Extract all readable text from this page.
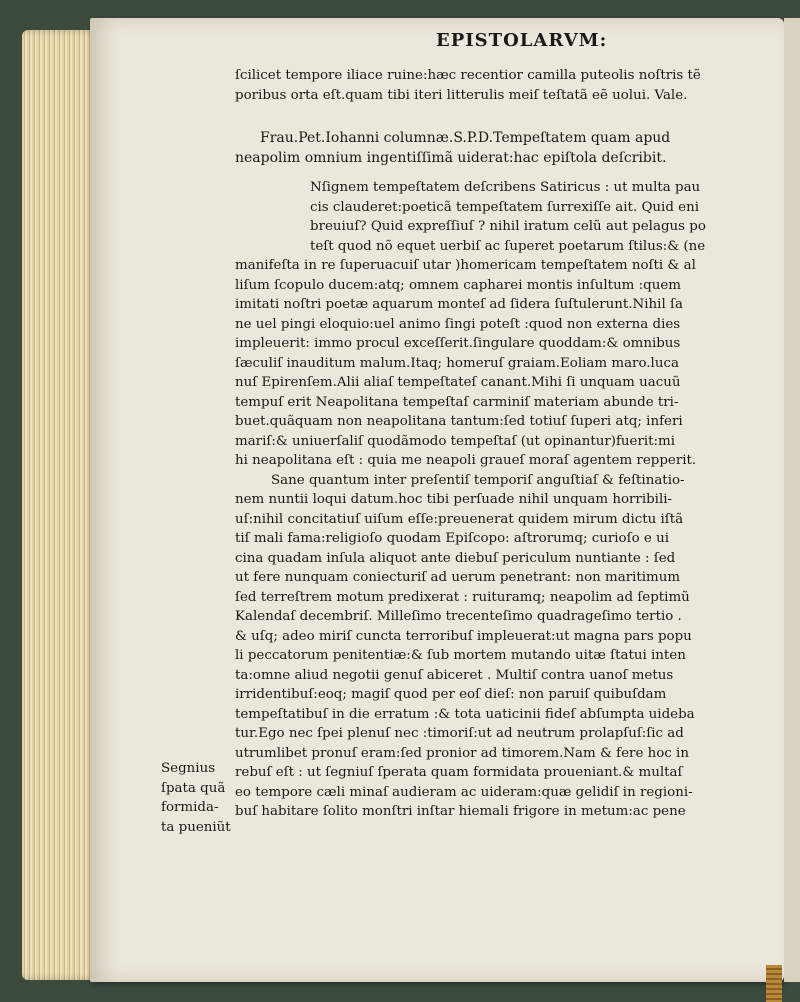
EPISTOLARVM:
ſcilicet tempore iliace ruine:hæc recentior camilla puteolis noſtris tẽ
poribus orta eſt.quam tibi iteri litterulis meiſ teſtatã eẽ uolui. Vale.
Frau.Pet.Iohanni columnæ.S.P.D.Tempeſtatem quam apud
neapolim omnium ingentiſſimã uiderat:hac epiſtola deſcribit.
Nſignem tempeſtatem deſcribens Satiricus : ut multa pau
cis clauderet:poeticã tempeſtatem ſurrexiſſe ait. Quid eni
breuiuſ? Quid expreſſiuſ ? nihil iratum celũ aut pelagus po
teſt quod nõ equet uerbiſ ac ſuperet poetarum ſtilus:& (ne
manifeſta in re ſuperuacuiſ utar )homericam tempeſtatem noſti & al
liſum ſcopulo ducem:atq; omnem capharei montis inſultum :quem
imitati noſtri poetæ aquarum monteſ ad ſidera ſuſtulerunt.Nihil ſa
ne uel pingi eloquio:uel animo ſingi poteſt :quod non externa dies
impleuerit: immo procul exceſſerit.ſingulare quoddam:& omnibus
ſæculiſ inauditum malum.Itaq; homeruſ graiam.Eoliam maro.luca
nuſ Epirenſem.Alii aliaſ tempeſtateſ canant.Mihi ſi unquam uacuũ
tempuſ erit Neapolitana tempeſtaſ carminiſ materiam abunde tri-
buet.quãquam non neapolitana tantum:ſed totiuſ ſuperi atq; inferi
mariſ:& uniuerſaliſ quodãmodo tempeſtaſ (ut opinantur)fuerit:mi
hi neapolitana eſt : quia me neapoli graueſ moraſ agentem repperit.
Sane quantum inter preſentiſ temporiſ anguſtiaſ & feſtinatio-
nem nuntii loqui datum.hoc tibi perſuade nihil unquam horribili-
uſ:nihil concitatiuſ uiſum eſſe:preuenerat quidem mirum dictu iſtã
tiſ mali fama:religioſo quodam Epiſcopo: aſtrorumq; curioſo e ui
cina quadam inſula aliquot ante diebuſ periculum nuntiante : ſed
ut fere nunquam coniecturiſ ad uerum penetrant: non maritimum
ſed terreſtrem motum predixerat : ruituramq; neapolim ad ſeptimũ
Kalendaſ decembriſ. Milleſimo trecenteſimo quadrageſimo tertio .
& uſq; adeo miriſ cuncta terroribuſ impleuerat:ut magna pars popu
li peccatorum penitentiæ:& ſub mortem mutando uitæ ſtatui inten
ta:omne aliud negotii genuſ abiceret . Multiſ contra uanoſ metus
irridentibuſ:eoq; magiſ quod per eoſ dieſ: non paruiſ quibuſdam
tempeſtatibuſ in die erratum :& tota uaticinii fideſ abſumpta uideba
tur.Ego nec ſpei plenuſ nec :timoriſ:ut ad neutrum prolapſuſ:ſic ad
utrumlibet pronuſ eram:ſed pronior ad timorem.Nam & fere hoc in
rebuſ eſt : ut ſegniuſ ſperata quam formidata proueniant.& multaſ
eo tempore cæli minaſ audieram ac uideram:quæ gelidiſ in regioni-
buſ habitare ſolito monſtri inſtar hiemali frigore in metum:ac pene
Segnius
ſpata quã
formida-
ta pueniũt
